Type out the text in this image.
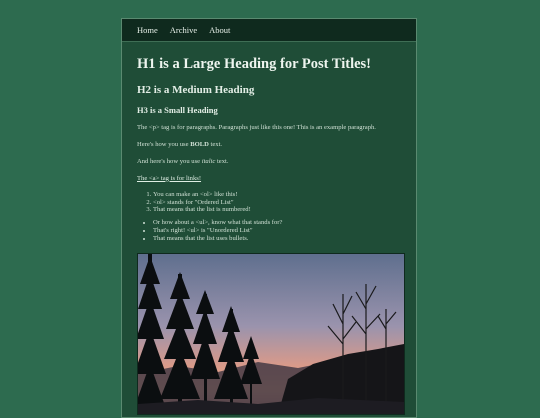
Home Archive About
H1 is a Large Heading for Post Titles!
H2 is a Medium Heading
H3 is a Small Heading

The <p> tag is for paragraphs. Paragraphs just like this one! This is an example paragraph.

Here's how you use BOLD text.

And here's how you use italic text.

The <a> tag is for links!

1. You can make an <ol> like this!
2. <ol> stands for "Ordered List"
3. That means that the list is numbered!
• Or how about a <ul>, know what that stands for?
• That's right! <ul> is "Unordered List"
• That means that the list uses bullets.
